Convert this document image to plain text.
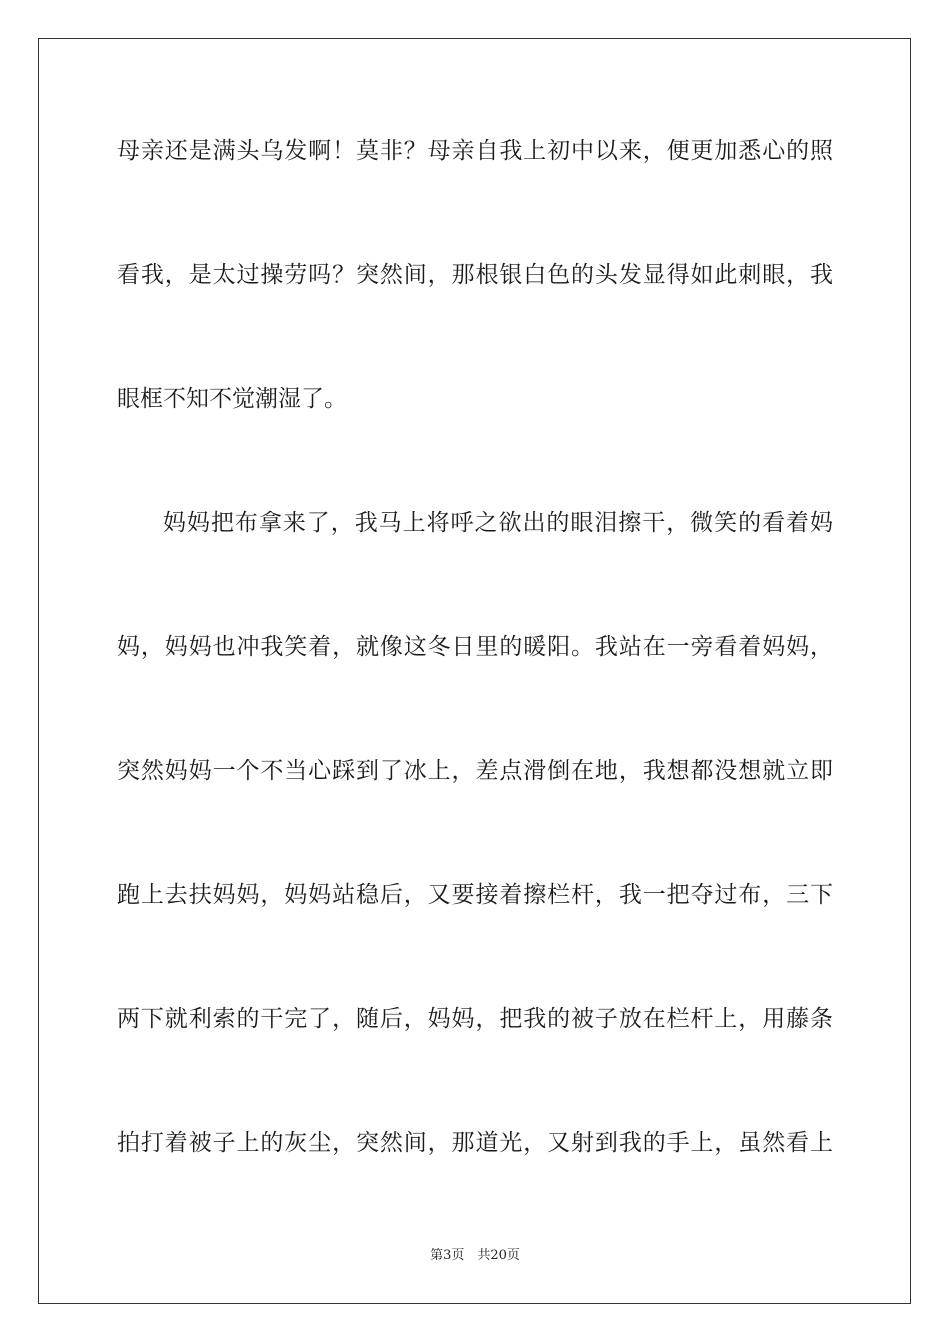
母亲还是满头乌发啊！莫非？母亲自我上初中以来，便更加悉心的照
看我，是太过操劳吗？突然间，那根银白色的头发显得如此刺眼，我
眼框不知不觉潮湿了。
妈妈把布拿来了，我马上将呼之欲出的眼泪擦干，微笑的看着妈
妈，妈妈也冲我笑着，就像这冬日里的暖阳。我站在一旁看着妈妈，
突然妈妈一个不当心踩到了冰上，差点滑倒在地，我想都没想就立即
跑上去扶妈妈，妈妈站稳后，又要接着擦栏杆，我一把夺过布，三下
两下就利索的干完了，随后，妈妈，把我的被子放在栏杆上，用藤条
拍打着被子上的灰尘，突然间，那道光，又射到我的手上，虽然看上
第3页　共20页
